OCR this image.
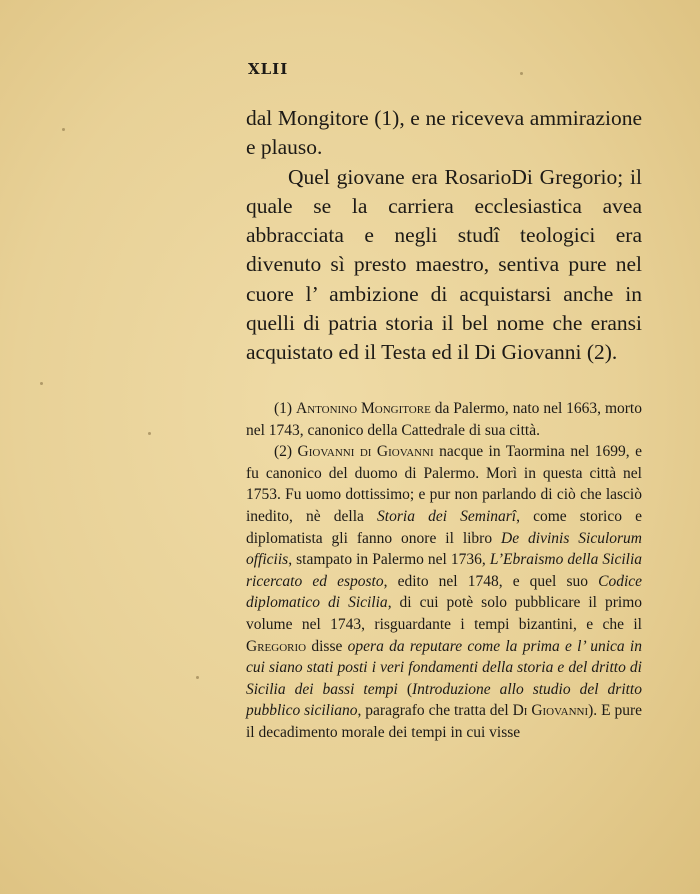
XLII

dal Mongitore (1), e ne riceveva ammirazione e plauso.

Quel giovane era RosarioDi Gregorio; il quale se la carriera ecclesiastica avea abbracciata e negli studî teologici era divenuto sì presto maestro, sentiva pure nel cuore l’ ambizione di acquistarsi anche in quelli di patria storia il bel nome che eransi acquistato ed il Testa ed il Di Giovanni (2).

(1) Antonino Mongitore da Palermo, nato nel 1663, morto nel 1743, canonico della Cattedrale di sua città.

(2) Giovanni di Giovanni nacque in Taormina nel 1699, e fu canonico del duomo di Palermo. Morì in questa città nel 1753. Fu uomo dottissimo; e pur non parlando di ciò che lasciò inedito, nè della Storia dei Seminarî, come storico e diplomatista gli fanno onore il libro De divinis Siculorum officiis, stampato in Palermo nel 1736, L’Ebraismo della Sicilia ricercato ed esposto, edito nel 1748, e quel suo Codice diplomatico di Sicilia, di cui potè solo pubblicare il primo volume nel 1743, risguardante i tempi bizantini, e che il Gregorio disse opera da reputare come la prima e l’ unica in cui siano stati posti i veri fondamenti della storia e del dritto di Sicilia dei bassi tempi (Introduzione allo studio del dritto pubblico siciliano, paragrafo che tratta del Di Giovanni). E pure il decadimento morale dei tempi in cui visse
